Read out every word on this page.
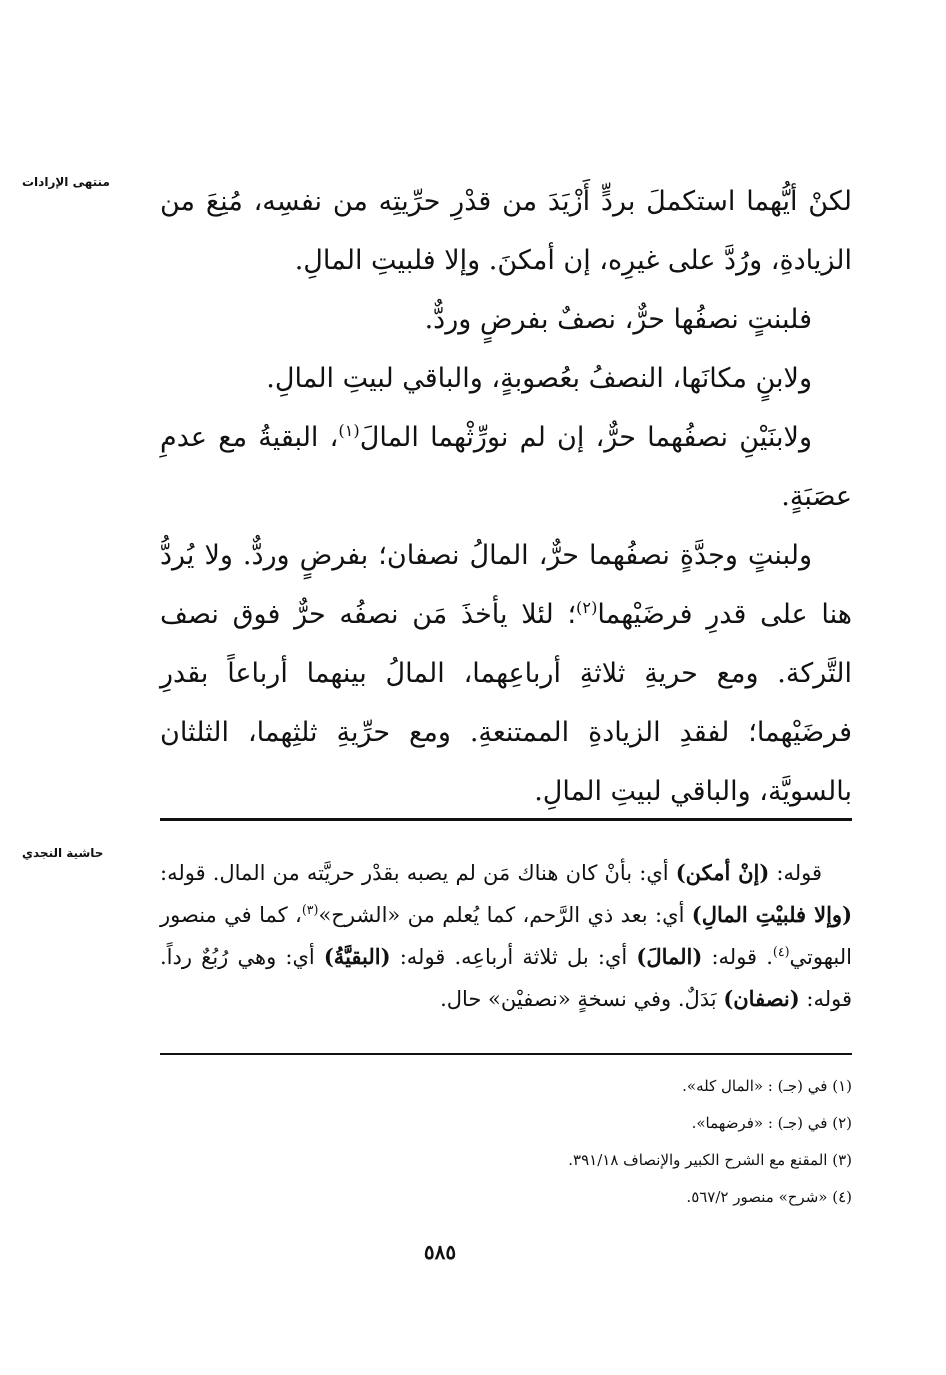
منتهى الإرادات

لكنْ أيُّهما استكملَ بردٍّ أَزْيَدَ من قدْرِ حرِّيتِه من نفسِه، مُنِعَ من الزيادةِ، ورُدَّ على غيرِه، إن أمكنَ. وإلا فلبيتِ المالِ.

فلبنتٍ نصفُها حرٌّ، نصفٌ بفرضٍ وردٌّ.

ولابنٍ مكانَها، النصفُ بعُصوبةٍ، والباقي لبيتِ المالِ.

ولابنَيْنِ نصفُهما حرٌّ، إن لم نورِّثْهما المالَ$^{(١)}$، البقيةُ مع عدمِ عصَبَةٍ.

ولبنتٍ وجدَّةٍ نصفُهما حرٌّ، المالُ نصفان؛ بفرضٍ وردٌّ. ولا يُردُّ هنا على قدرِ فرضَيْهما$^{(٢)}$؛ لئلا يأخذَ مَن نصفُه حرٌّ فوق نصف التَّركة. ومع حريةِ ثلاثةِ أرباعِهما، المالُ بينهما أرباعاً بقدرِ فرضَيْهما؛ لفقدِ الزيادةِ الممتنعةِ. ومع حرِّيةِ ثلثِهما، الثلثان بالسويَّة، والباقي لبيتِ المالِ.

حاشية النجدي

قوله: (إنْ أمكن) أي: بأنْ كان هناك مَن لم يصبه بقدْر حريَّته من المال. قوله: (وإلا فلبيْتِ المالِ) أي: بعد ذي الرَّحم، كما يُعلم من «الشرح»$^{(٣)}$، كما في منصور البهوتي$^{(٤)}$. قوله: (المالَ) أي: بل ثلاثة أرباعِه. قوله: (البقيَّةُ) أي: وهي رُبُعٌ رداً. قوله: (نصفان) بَدَلٌ. وفي نسخةٍ «نصفيْن» حال.

(١) في (جـ) : «المال كله».
(٢) في (جـ) : «فرضهما».
(٣) المقنع مع الشرح الكبير والإنصاف ٣٩١/١٨.
(٤) «شرح» منصور ٥٦٧/٢.
٥٨٥
